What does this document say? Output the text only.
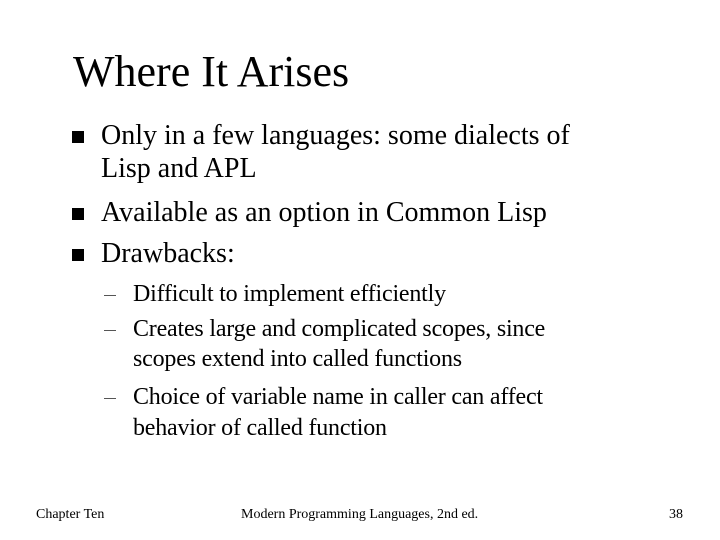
Where It Arises
Only in a few languages: some dialects of
Lisp and APL
Available as an option in Common Lisp
Drawbacks:
Difficult to implement efficiently
Creates large and complicated scopes, since
scopes extend into called functions
Choice of variable name in caller can affect
behavior of called function
Chapter Ten	Modern Programming Languages, 2nd ed.	38
